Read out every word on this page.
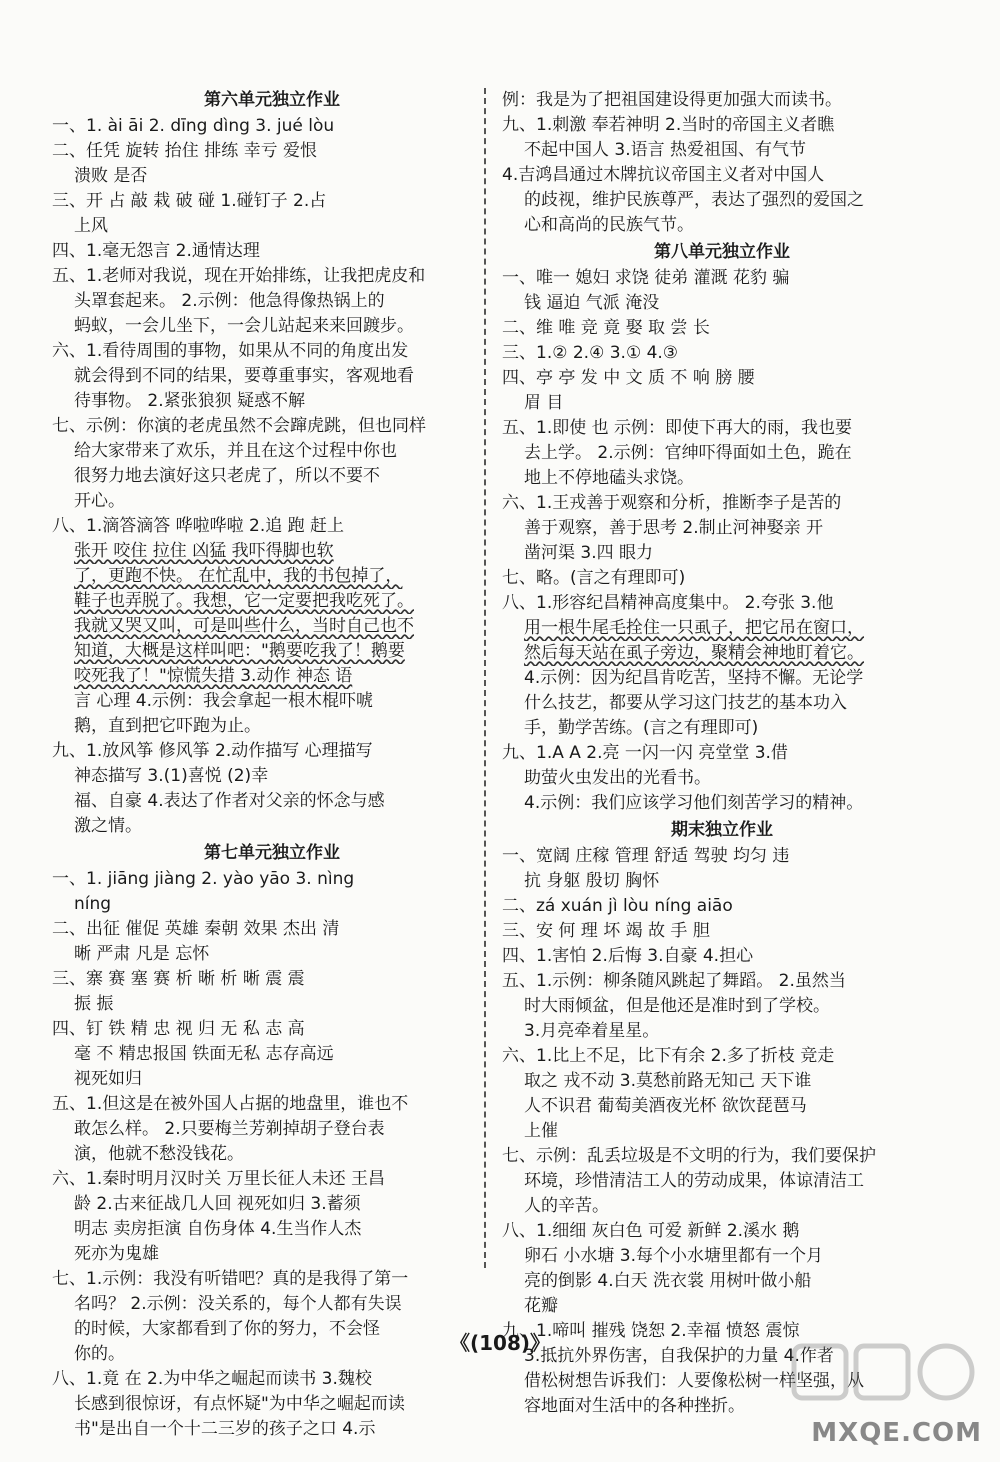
第六单元独立作业
一、1. ài āi 2. dīng dìng 3. jué lòu
二、任凭 旋转 抬住 排练 幸亏 爱恨
溃败 是否
三、开 占 敲 栽 破 碰 1.碰钉子 2.占
上风
四、1.毫无怨言 2.通情达理
五、1.老师对我说，现在开始排练，让我把虎皮和
头罩套起来。 2.示例：他急得像热锅上的
蚂蚁，一会儿坐下，一会儿站起来来回踱步。
六、1.看待周围的事物，如果从不同的角度出发
就会得到不同的结果，要尊重事实，客观地看
待事物。 2.紧张狼狈 疑惑不解
七、示例：你演的老虎虽然不会蹿虎跳，但也同样
给大家带来了欢乐，并且在这个过程中你也
很努力地去演好这只老虎了，所以不要不
开心。
八、1.滴答滴答 哗啦哗啦 2.追 跑 赶上
张开 咬住 拉住 凶猛 我吓得脚也软
了，更跑不快。 在忙乱中，我的书包掉了，
鞋子也弄脱了。我想，它一定要把我吃死了。
我就又哭又叫，可是叫些什么，当时自己也不
知道，大概是这样叫吧："鹅要吃我了！鹅要
咬死我了！"惊慌失措 3.动作 神态 语
言 心理 4.示例：我会拿起一根木棍吓唬
鹅，直到把它吓跑为止。
九、1.放风筝 修风筝 2.动作描写 心理描写
神态描写 3.(1)喜悦 (2)幸
福、自豪 4.表达了作者对父亲的怀念与感
激之情。
第七单元独立作业
一、1. jiāng jiàng 2. yào yāo 3. nìng
níng
二、出征 催促 英雄 秦朝 效果 杰出 清
晰 严肃 凡是 忘怀
三、寨 赛 塞 赛 析 晰 析 晰 震 震
振 振
四、钉 铁 精 忠 视 归 无 私 志 高
毫 不 精忠报国 铁面无私 志存高远
视死如归
五、1.但这是在被外国人占据的地盘里，谁也不
敢怎么样。 2.只要梅兰芳剃掉胡子登台表
演，他就不愁没钱花。
六、1.秦时明月汉时关 万里长征人未还 王昌
龄 2.古来征战几人回 视死如归 3.蓄须
明志 卖房拒演 自伤身体 4.生当作人杰
死亦为鬼雄
七、1.示例：我没有听错吧？真的是我得了第一
名吗？ 2.示例：没关系的，每个人都有失误
的时候，大家都看到了你的努力，不会怪
你的。
八、1.竟 在 2.为中华之崛起而读书 3.魏校
长感到很惊讶，有点怀疑"为中华之崛起而读
书"是出自一个十二三岁的孩子之口 4.示
例：我是为了把祖国建设得更加强大而读书。
九、1.刺激 奉若神明 2.当时的帝国主义者瞧
不起中国人 3.语言 热爱祖国、有气节
4.吉鸿昌通过木牌抗议帝国主义者对中国人
的歧视，维护民族尊严，表达了强烈的爱国之
心和高尚的民族气节。
第八单元独立作业
一、唯一 媳妇 求饶 徒弟 灌溉 花豹 骗
钱 逼迫 气派 淹没
二、维 唯 竞 竟 娶 取 尝 长
三、1.② 2.④ 3.① 4.③
四、亭 亭 发 中 文 质 不 响 膀 腰
眉 目
五、1.即使 也 示例：即使下再大的雨，我也要
去上学。 2.示例：官绅吓得面如土色，跪在
地上不停地磕头求饶。
六、1.王戎善于观察和分析，推断李子是苦的
善于观察，善于思考 2.制止河神娶亲 开
凿河渠 3.四 眼力
七、略。(言之有理即可)
八、1.形容纪昌精神高度集中。 2.夸张 3.他
用一根牛尾毛拴住一只虱子，把它吊在窗口，
然后每天站在虱子旁边，聚精会神地盯着它。
4.示例：因为纪昌肯吃苦，坚持不懈。无论学
什么技艺，都要从学习这门技艺的基本功入
手，勤学苦练。(言之有理即可)
九、1.A A 2.亮 一闪一闪 亮堂堂 3.借
助萤火虫发出的光看书。
4.示例：我们应该学习他们刻苦学习的精神。
期末独立作业
一、宽阔 庄稼 管理 舒适 驾驶 均匀 违
抗 身躯 殷切 胸怀
二、zá xuán jì lòu níng aiāo
三、安 何 理 坏 竭 故 手 胆
四、1.害怕 2.后悔 3.自豪 4.担心
五、1.示例：柳条随风跳起了舞蹈。 2.虽然当
时大雨倾盆，但是他还是准时到了学校。
3.月亮牵着星星。
六、1.比上不足，比下有余 2.多了折枝 竞走
取之 戎不动 3.莫愁前路无知己 天下谁
人不识君 葡萄美酒夜光杯 欲饮琵琶马
上催
七、示例：乱丢垃圾是不文明的行为，我们要保护
环境，珍惜清洁工人的劳动成果，体谅清洁工
人的辛苦。
八、1.细细 灰白色 可爱 新鲜 2.溪水 鹅
卵石 小水塘 3.每个小水塘里都有一个月
亮的倒影 4.白天 洗衣裳 用树叶做小船
花瓣
九、1.啼叫 摧残 饶恕 2.幸福 愤怒 震惊
3.抵抗外界伤害，自我保护的力量 4.作者
借松树想告诉我们：人要像松树一样坚强，从
容地面对生活中的各种挫折。
《(108)》
MXQE.COM
